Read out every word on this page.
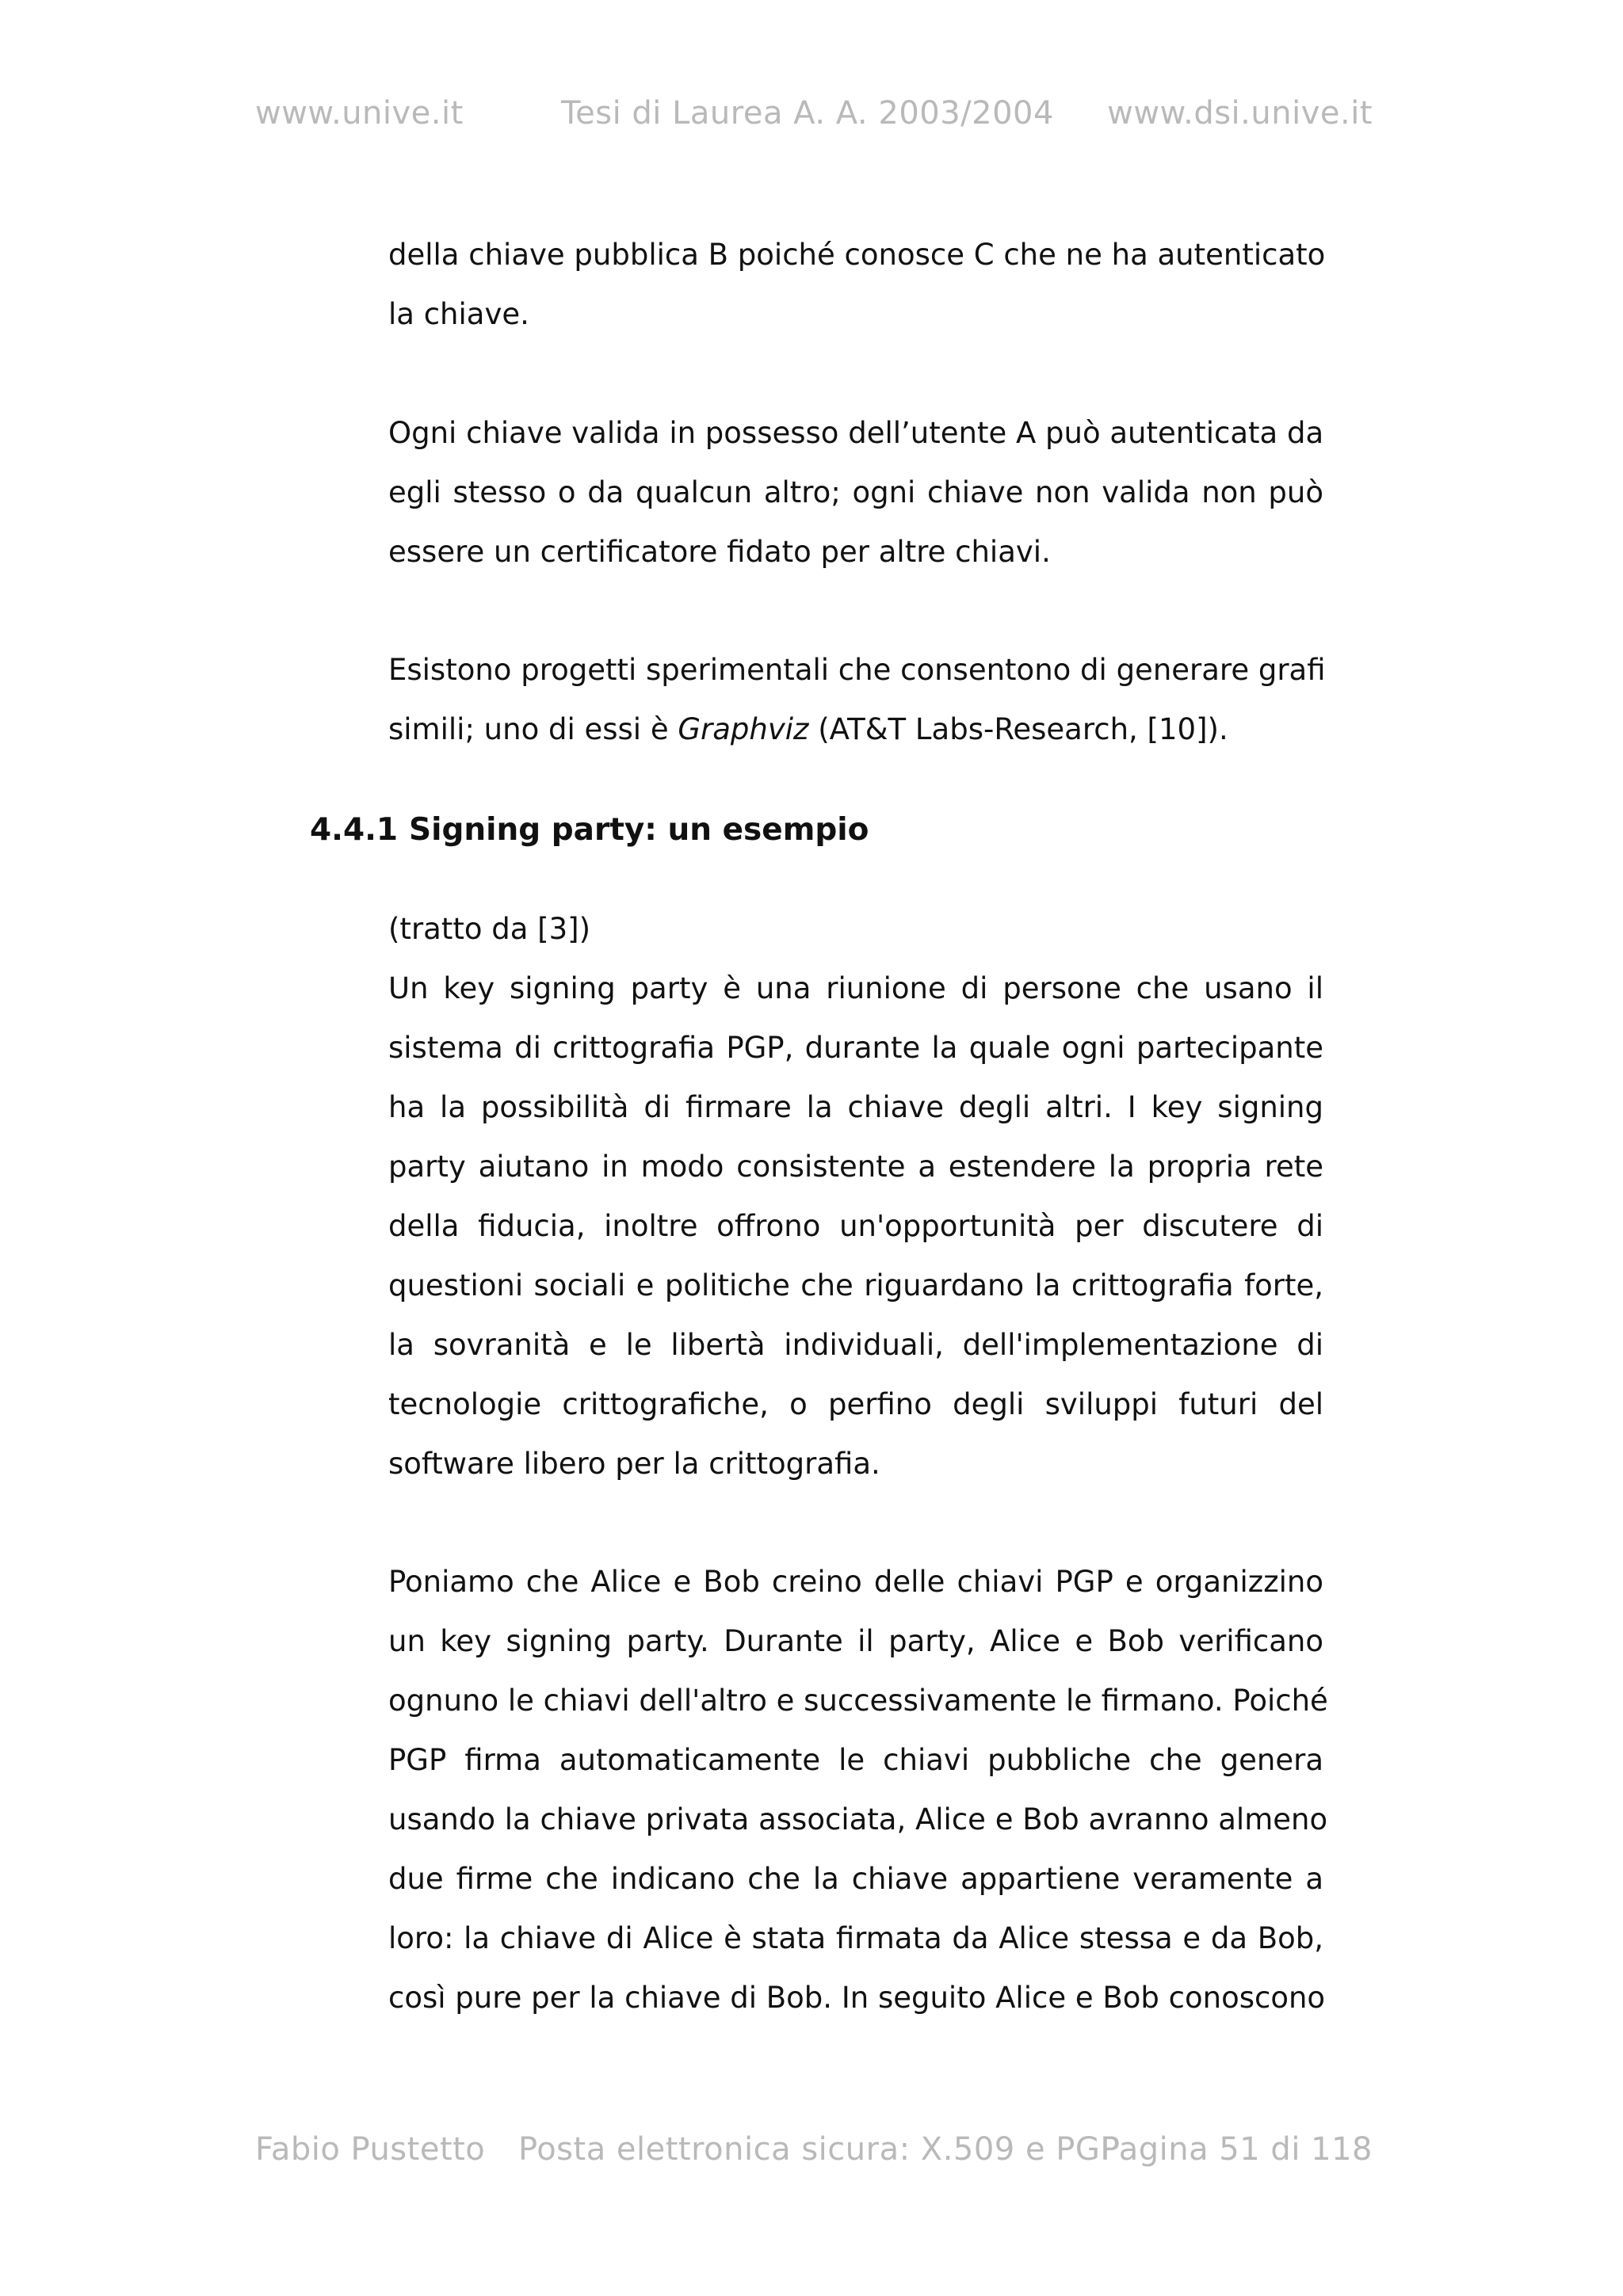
www.unive.it	Tesi di Laurea A. A. 2003/2004 www.dsi.unive.it
della chiave pubblica B poiché conosce C che ne ha autenticato
la chiave.
Ogni chiave valida in possesso dell’utente A può autenticata da
egli stesso o da qualcun altro; ogni chiave non valida non può
essere un certificatore fidato per altre chiavi.
Esistono progetti sperimentali che consentono di generare grafi
simili; uno di essi è Graphviz (AT&T Labs-Research, [10]).
4.4.1 Signing party: un esempio
(tratto da [3])
Un key signing party è una riunione di persone che usano il
sistema di crittografia PGP, durante la quale ogni partecipante
ha la possibilità di firmare la chiave degli altri. I key signing
party aiutano in modo consistente a estendere la propria rete
della fiducia, inoltre offrono un'opportunità per discutere di
questioni sociali e politiche che riguardano la crittografia forte,
la sovranità e le libertà individuali, dell'implementazione di
tecnologie crittografiche, o perfino degli sviluppi futuri del
software libero per la crittografia.
Poniamo che Alice e Bob creino delle chiavi PGP e organizzino
un key signing party. Durante il party, Alice e Bob verificano
ognuno le chiavi dell'altro e successivamente le firmano. Poiché
PGP firma automaticamente le chiavi pubbliche che genera
usando la chiave privata associata, Alice e Bob avranno almeno
due firme che indicano che la chiave appartiene veramente a
loro: la chiave di Alice è stata firmata da Alice stessa e da Bob,
così pure per la chiave di Bob. In seguito Alice e Bob conoscono
Fabio Pustetto Posta elettronica sicura: X.509 e PGP
Pagina 51 di 118
